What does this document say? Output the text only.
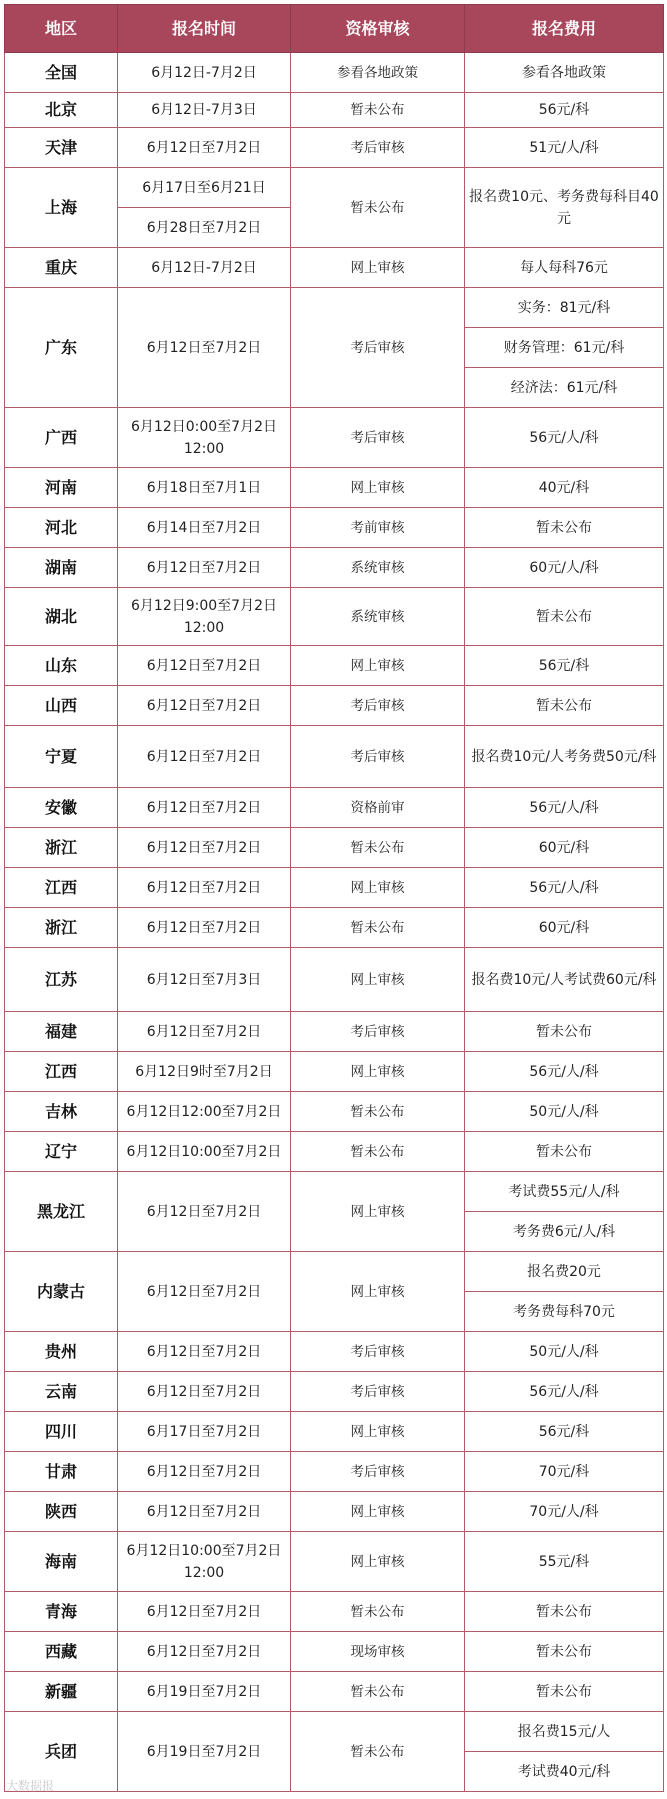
地区	报名时间	资格审核	报名费用
全国	6月12日-7月2日	参看各地政策	参看各地政策
北京	6月12日-7月3日	暂未公布	56元/科
天津	6月12日至7月2日	考后审核	51元/人/科
上海	6月17日至6月21日	暂未公布	报名费10元、考务费每科目40元
	6月28日至7月2日		
重庆	6月12日-7月2日	网上审核	每人每科76元
广东	6月12日至7月2日	考后审核	实务：81元/科
			财务管理：61元/科
			经济法：61元/科
广西	6月12日0:00至7月2日12:00	考后审核	56元/人/科
河南	6月18日至7月1日	网上审核	40元/科
河北	6月14日至7月2日	考前审核	暂未公布
湖南	6月12日至7月2日	系统审核	60元/人/科
湖北	6月12日9:00至7月2日12:00	系统审核	暂未公布
山东	6月12日至7月2日	网上审核	56元/科
山西	6月12日至7月2日	考后审核	暂未公布
宁夏	6月12日至7月2日	考后审核	报名费10元/人考务费50元/科
安徽	6月12日至7月2日	资格前审	56元/人/科
浙江	6月12日至7月2日	暂未公布	60元/科
江西	6月12日至7月2日	网上审核	56元/人/科
浙江	6月12日至7月2日	暂未公布	60元/科
江苏	6月12日至7月3日	网上审核	报名费10元/人考试费60元/科
福建	6月12日至7月2日	考后审核	暂未公布
江西	6月12日9时至7月2日	网上审核	56元/人/科
吉林	6月12日12:00至7月2日	暂未公布	50元/人/科
辽宁	6月12日10:00至7月2日	暂未公布	暂未公布
黑龙江	6月12日至7月2日	网上审核	考试费55元/人/科
			考务费6元/人/科
内蒙古	6月12日至7月2日	网上审核	报名费20元
			考务费每科70元
贵州	6月12日至7月2日	考后审核	50元/人/科
云南	6月12日至7月2日	考后审核	56元/人/科
四川	6月17日至7月2日	网上审核	56元/科
甘肃	6月12日至7月2日	考后审核	70元/科
陕西	6月12日至7月2日	网上审核	70元/人/科
海南	6月12日10:00至7月2日12:00	网上审核	55元/科
青海	6月12日至7月2日	暂未公布	暂未公布
西藏	6月12日至7月2日	现场审核	暂未公布
新疆	6月19日至7月2日	暂未公布	暂未公布
兵团	6月19日至7月2日	暂未公布	报名费15元/人
			考试费40元/科
大数据报
